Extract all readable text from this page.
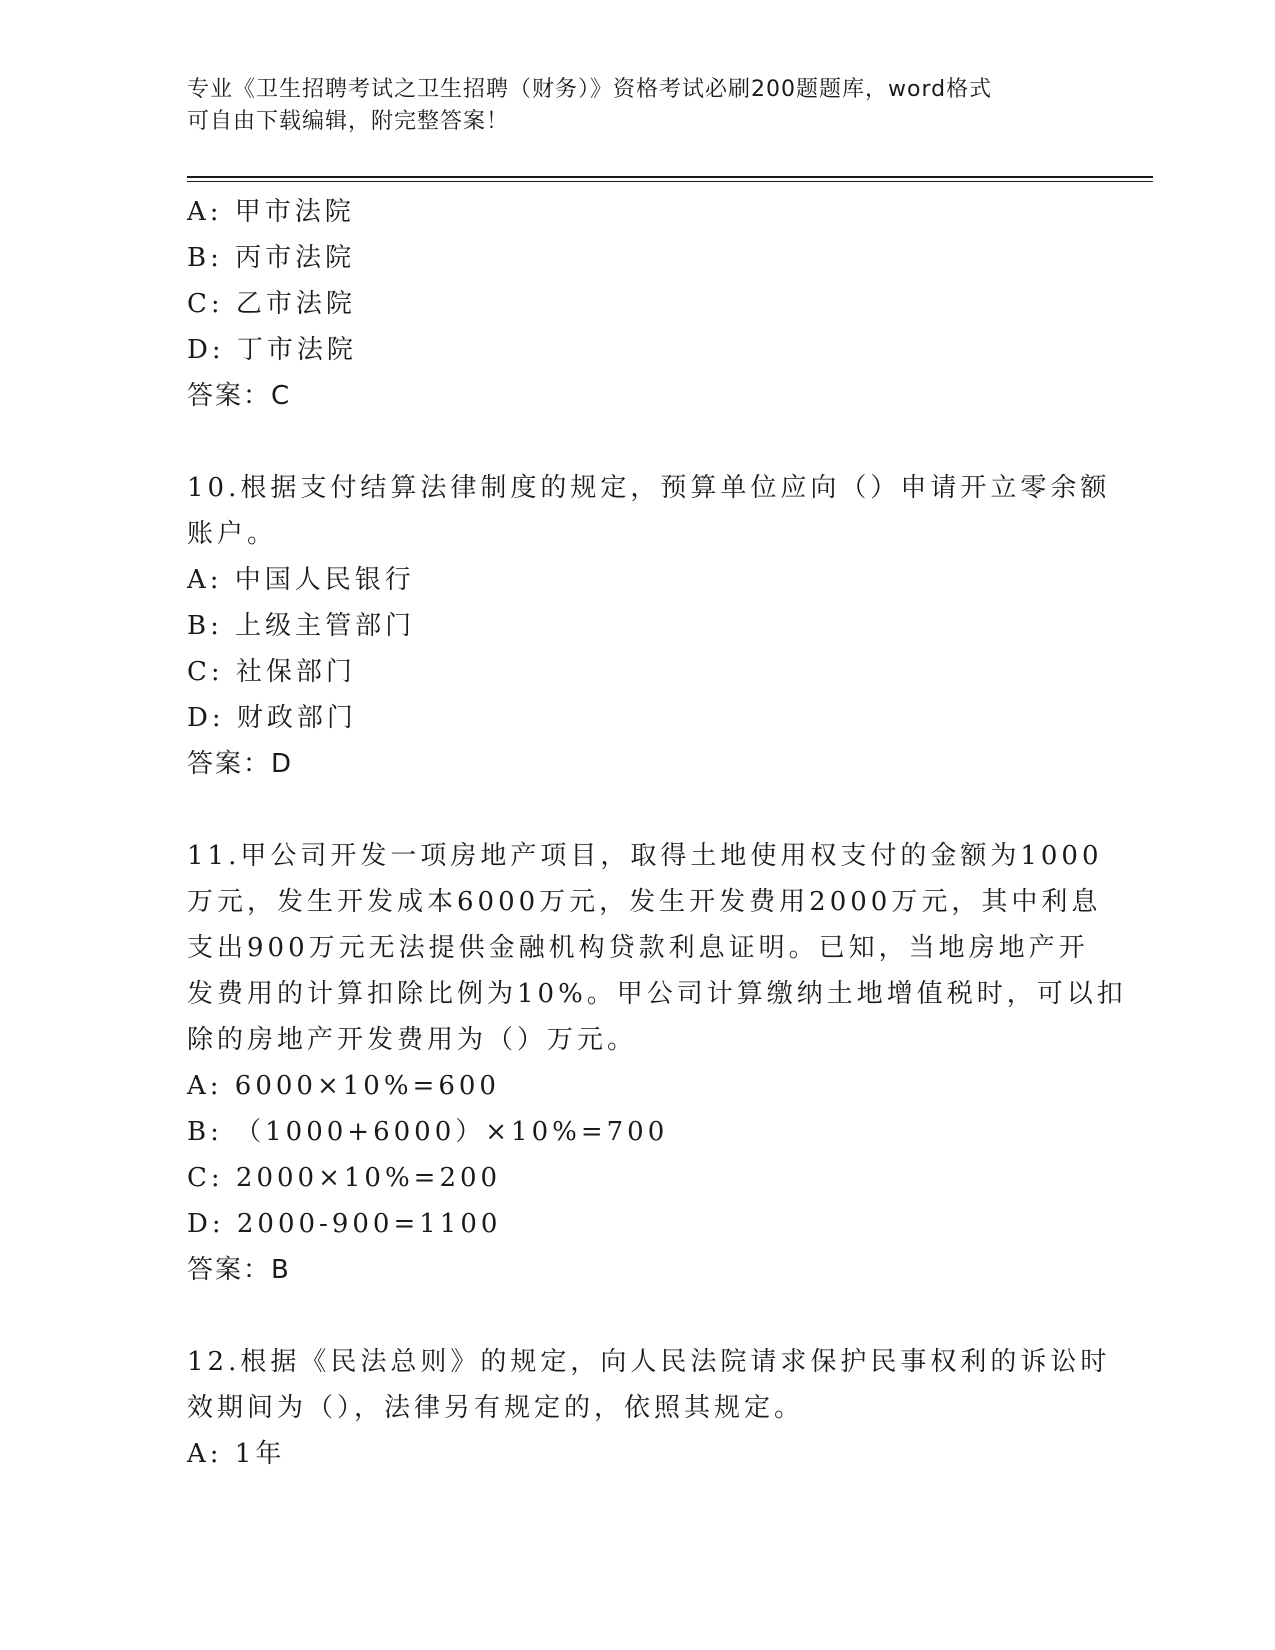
专业《卫生招聘考试之卫生招聘（财务）》资格考试必刷200题题库，word格式
可自由下载编辑，附完整答案！
A: 甲市法院
B: 丙市法院
C: 乙市法院
D: 丁市法院
答案：C
10.根据支付结算法律制度的规定，预算单位应向（）申请开立零余额
账户。
A: 中国人民银行
B: 上级主管部门
C: 社保部门
D: 财政部门
答案：D
11.甲公司开发一项房地产项目，取得土地使用权支付的金额为1000
万元，发生开发成本6000万元，发生开发费用2000万元，其中利息
支出900万元无法提供金融机构贷款利息证明。已知，当地房地产开
发费用的计算扣除比例为10%。甲公司计算缴纳土地增值税时，可以扣
除的房地产开发费用为（）万元。
A: 6000×10%=600
B: （1000+6000）×10%=700
C: 2000×10%=200
D: 2000-900=1100
答案：B
12.根据《民法总则》的规定，向人民法院请求保护民事权利的诉讼时
效期间为（），法律另有规定的，依照其规定。
A: 1年
